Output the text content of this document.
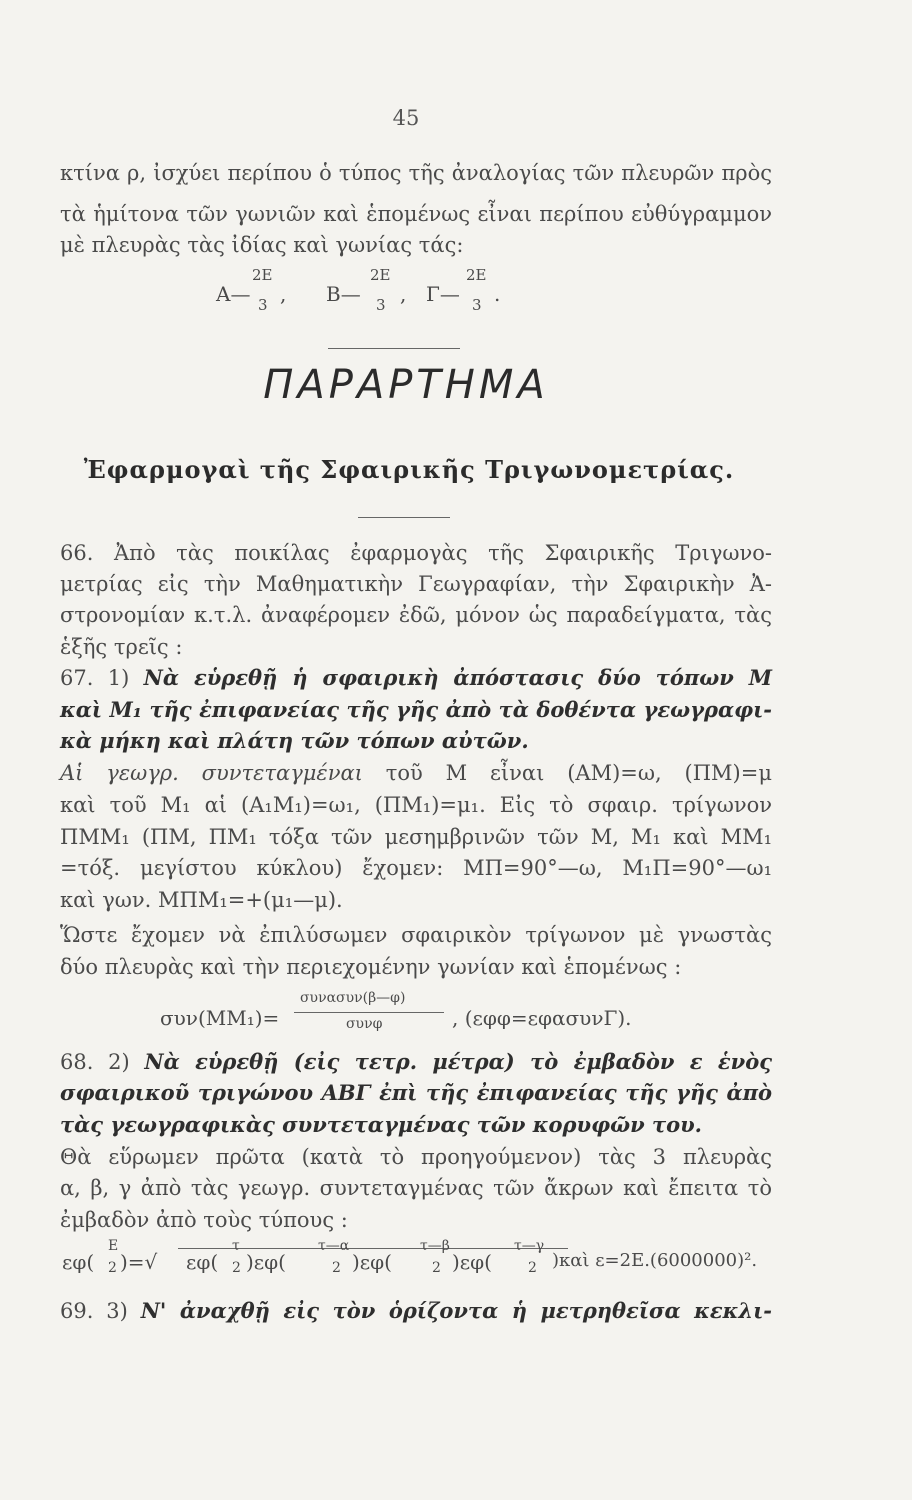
45
κτίνα ρ, ἰσχύει περίπου ὁ τύπος τῆς ἀναλογίας τῶν πλευρῶν πρὸς
τὰ ἡμίτονα τῶν γωνιῶν καὶ ἑπομένως εἶναι περίπου εὐθύγραμμον
μὲ πλευρὰς τὰς ἰδίας καὶ γωνίας τάς:
Α—
2Ε
3 , Β—
2Ε
3 , Γ—
2Ε
3 .
ΠΑΡΑΡΤΗΜΑ
Ἐφαρμογαὶ τῆς Σφαιρικῆς Τριγωνομετρίας.
66. Ἀπὸ τὰς ποικίλας ἐφαρμογὰς τῆς Σφαιρικῆς Τριγωνο-
μετρίας εἰς τὴν Μαθηματικὴν Γεωγραφίαν, τὴν Σφαιρικὴν Ἀ-
στρονομίαν κ.τ.λ. ἀναφέρομεν ἐδῶ, μόνον ὡς παραδείγματα, τὰς
ἑξῆς τρεῖς :
67. 1) Νὰ εὑρεθῇ ἡ σφαιρικὴ ἀπόστασις δύο τόπων Μ
καὶ Μ₁ τῆς ἐπιφανείας τῆς γῆς ἀπὸ τὰ δοθέντα γεωγραφι-
κὰ μήκη καὶ πλάτη τῶν τόπων αὐτῶν.
Αἱ γεωγρ. συντεταγμέναι τοῦ Μ εἶναι (ΑΜ)=ω, (ΠΜ)=μ
καὶ τοῦ Μ₁ αἱ (Α₁Μ₁)=ω₁, (ΠΜ₁)=μ₁. Εἰς τὸ σφαιρ. τρίγωνον
ΠΜΜ₁ (ΠΜ, ΠΜ₁ τόξα τῶν μεσημβρινῶν τῶν Μ, Μ₁ καὶ ΜΜ₁
=τόξ. μεγίστου κύκλου) ἔχομεν: ΜΠ=90°—ω, Μ₁Π=90°—ω₁
καὶ γων. ΜΠΜ₁=+(μ₁—μ).
Ὥστε ἔχομεν νὰ ἐπιλύσωμεν σφαιρικὸν τρίγωνον μὲ γνωστὰς
δύο πλευρὰς καὶ τὴν περιεχομένην γωνίαν καὶ ἑπομένως :
συν(ΜΜ₁)=
συνασυν(β—φ)
συνφ	, (εφφ=εφασυνΓ).
68. 2) Νὰ εὑρεθῇ (εἰς τετρ. μέτρα) τὸ ἐμβαδὸν ε ἑνὸς
σφαιρικοῦ τριγώνου ΑΒΓ ἐπὶ τῆς ἐπιφανείας τῆς γῆς ἀπὸ
τὰς γεωγραφικὰς συντεταγμένας τῶν κορυφῶν του.
Θὰ εὕρωμεν πρῶτα (κατὰ τὸ προηγούμενον) τὰς 3 πλευρὰς
α, β, γ ἀπὸ τὰς γεωγρ. συντεταγμένας τῶν ἄκρων καὶ ἔπειτα τὸ
ἐμβαδὸν ἀπὸ τοὺς τύπους :
εφ(
Ε
2 )=√ εφ(
τ
2 )εφ(
τ—α
2 )εφ(
τ—β
2 )εφ(
τ—γ
2 )καὶ ε=2Ε.(6000000)².
69. 3) Ν' ἀναχθῇ εἰς τὸν ὁρίζοντα ἡ μετρηθεῖσα κεκλι-
